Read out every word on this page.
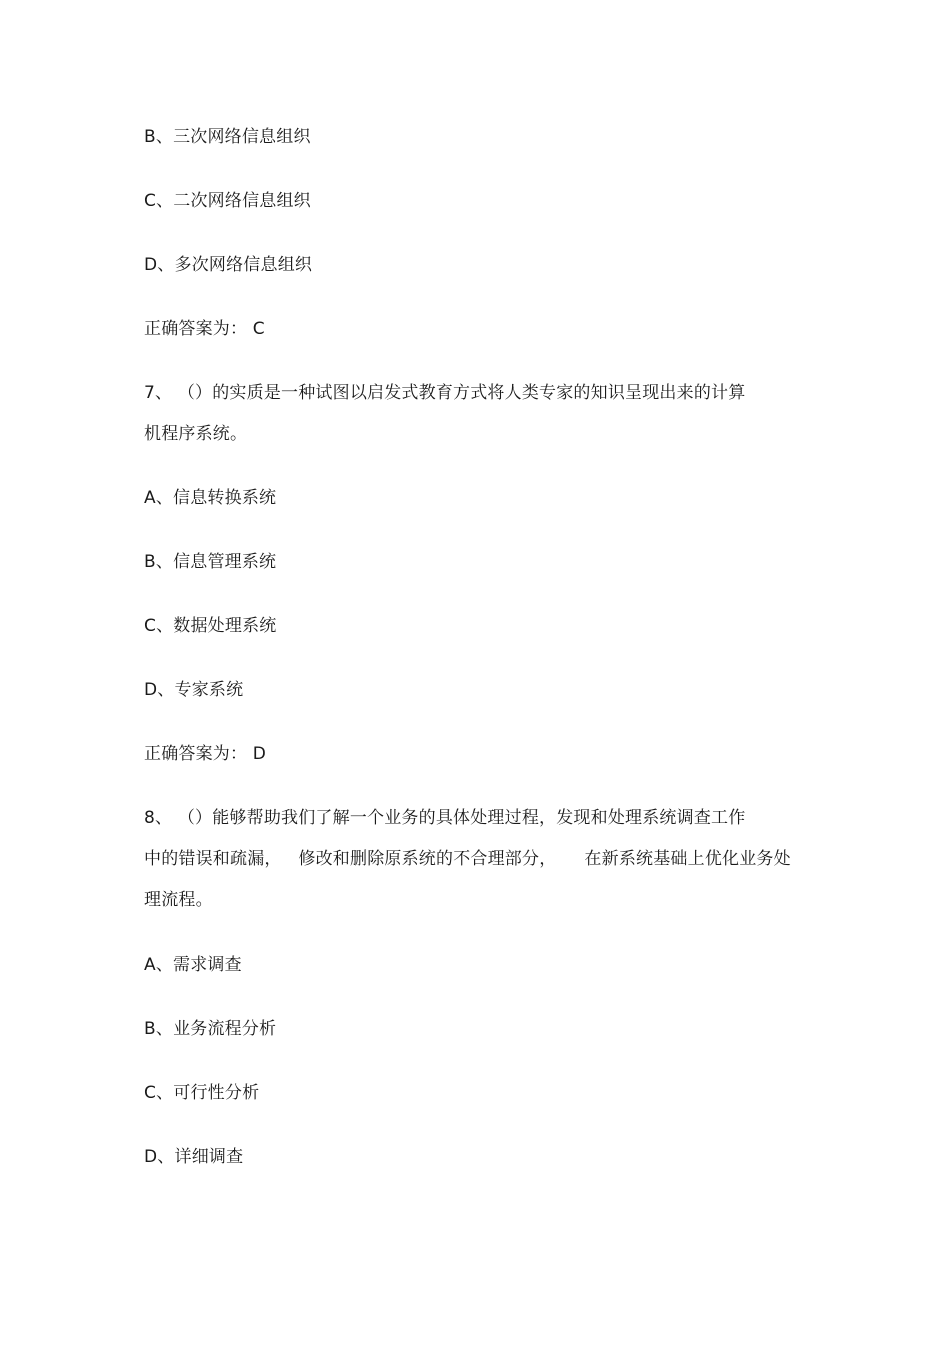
B、三次网络信息组织
C、二次网络信息组织
D、多次网络信息组织
正确答案为： C
7、 （）的实质是一种试图以启发式教育方式将人类专家的知识呈现出来的计算
机程序系统。
A、信息转换系统
B、信息管理系统
C、数据处理系统
D、专家系统
正确答案为： D
8、 （）能够帮助我们了解一个业务的具体处理过程，发现和处理系统调查工作
中的错误和疏漏，   修改和删除原系统的不合理部分，     在新系统基础上优化业务处
理流程。
A、需求调查
B、业务流程分析
C、可行性分析
D、详细调查
